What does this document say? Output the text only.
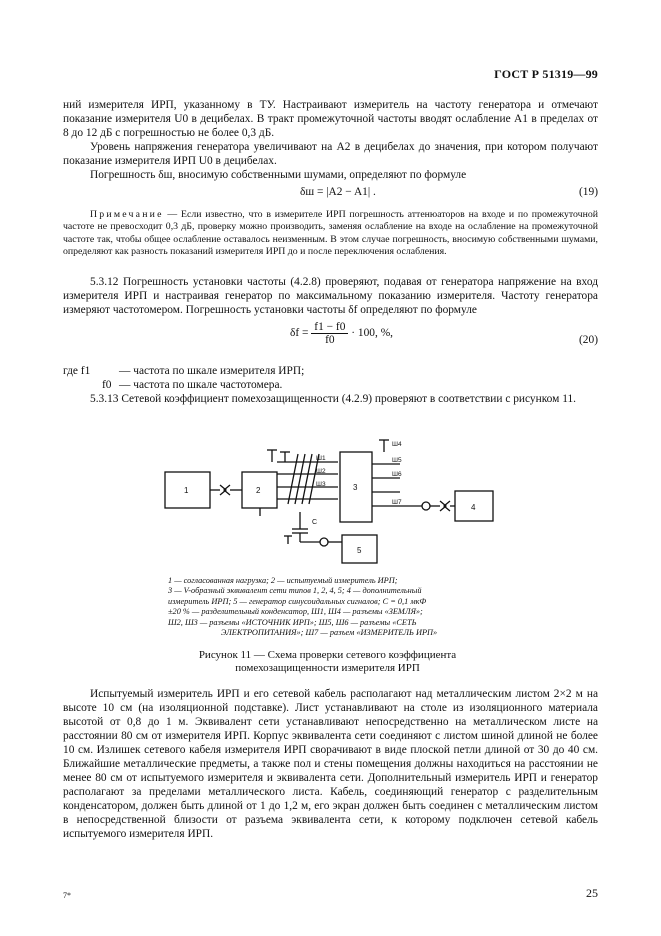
ГОСТ Р 51319—99
ний измерителя ИРП, указанному в ТУ. Настраивают измеритель на частоту генератора и отмечают показание измерителя U0 в децибелах. В тракт промежуточной частоты вводят ослабление A1 в пределах от 8 до 12 дБ с погрешностью не более 0,3 дБ.
Уровень напряжения генератора увеличивают на A2 в децибелах до значения, при котором получают показание измерителя ИРП U0 в децибелах.
Погрешность δш, вносимую собственными шумами, определяют по формуле
δш = |A2 − A1| .	(19)
Примечание — Если известно, что в измерителе ИРП погрешность аттенюаторов на входе и по промежуточной частоте не превосходит 0,3 дБ, проверку можно производить, заменяя ослабление на входе на ослабление на промежуточной частоте так, чтобы общее ослабление оставалось неизменным. В этом случае погрешность, вносимую собственными шумами, определяют как разность показаний измерителя ИРП до и после переключения ослабления.
5.3.12 Погрешность установки частоты (4.2.8) проверяют, подавая от генератора напряжение на вход измерителя ИРП и настраивая генератор по максимальному показанию измерителя. Частоту генератора измеряют частотомером. Погрешность установки частоты δf определяют по формуле
$\delta f = \frac{f1 - f0}{f0} \cdot 100$, %,
(20)
где f1	— частота по шкале измерителя ИРП;
f0 — частота по шкале частотомера.
5.3.13 Сетевой коэффициент помехозащищенности (4.2.9) проверяют в соответствии с рисунком 11.
1	2	3
4
5
Ш1
Ш2
Ш3
Ш4
Ш5
Ш6
Ш7
C
1 — согласованная нагрузка; 2 — испытуемый измеритель ИРП;
3 — V-образный эквивалент сети типов 1, 2, 4, 5; 4 — дополнительный
измеритель ИРП; 5 — генератор синусоидальных сигналов; С = 0,1 мкФ
±20 % — разделительный конденсатор, Ш1, Ш4 — разъемы «ЗЕМЛЯ»;
Ш2, Ш3 — разъемы «ИСТОЧНИК ИРП»; Ш5, Ш6 — разъемы «СЕТЬ
ЭЛЕКТРОПИТАНИЯ»; Ш7 — разъем «ИЗМЕРИТЕЛЬ ИРП»
Рисунок 11 — Схема проверки сетевого коэффициента помехозащищенности измерителя ИРП
Испытуемый измеритель ИРП и его сетевой кабель располагают над металлическим листом 2×2 м на высоте 10 см (на изоляционной подставке). Лист устанавливают на столе из изоляционного материала высотой от 0,8 до 1 м. Эквивалент сети устанавливают непосредственно на металлическом листе на расстоянии 80 см от измерителя ИРП. Корпус эквивалента сети соединяют с листом шиной длиной не более 10 см. Излишек сетевого кабеля измерителя ИРП сворачивают в виде плоской петли длиной от 30 до 40 см. Ближайшие металлические предметы, а также пол и стены помещения должны находиться на расстоянии не менее 80 см от испытуемого измерителя и эквивалента сети. Дополнительный измеритель ИРП и генератор располагают за пределами металлического листа. Кабель, соединяющий генератор с разделительным конденсатором, должен быть длиной от 1 до 1,2 м, его экран должен быть соединен с металлическим листом в непосредственной близости от разъема эквивалента сети, к которому подключен сетевой кабель испытуемого измерителя ИРП.
7*	25
